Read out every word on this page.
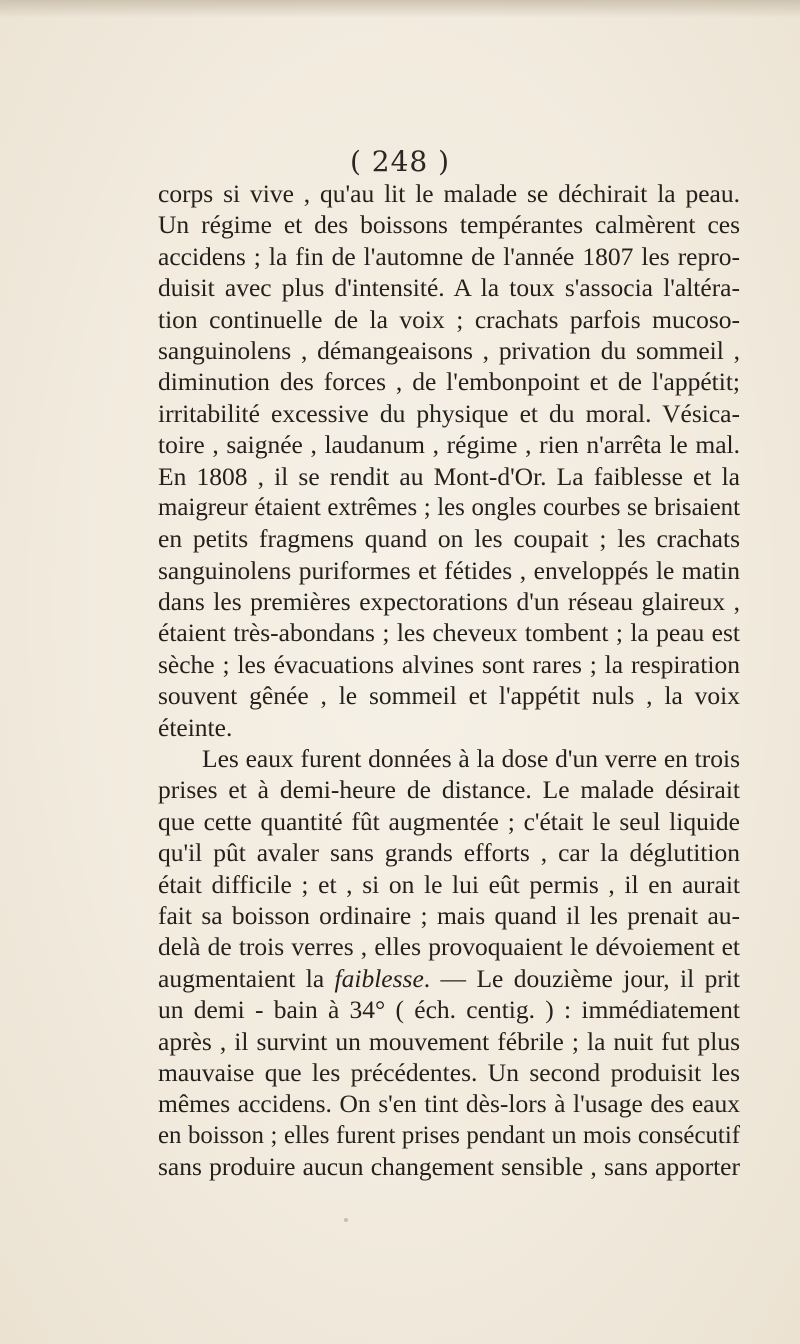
( 248 )
corps si vive , qu'au lit le malade se déchirait la peau.
Un régime et des boissons tempérantes calmèrent ces
accidens ; la fin de l'automne de l'année 1807 les repro-
duisit avec plus d'intensité. A la toux s'associa l'altéra-
tion continuelle de la voix ; crachats parfois mucoso-
sanguinolens , démangeaisons , privation du sommeil ,
diminution des forces , de l'embonpoint et de l'appétit;
irritabilité excessive du physique et du moral. Vésica-
toire , saignée , laudanum , régime , rien n'arrêta le mal.
En 1808 , il se rendit au Mont-d'Or. La faiblesse et la
maigreur étaient extrêmes ; les ongles courbes se brisaient
en petits fragmens quand on les coupait ; les crachats
sanguinolens puriformes et fétides , enveloppés le matin
dans les premières expectorations d'un réseau glaireux ,
étaient très-abondans ; les cheveux tombent ; la peau est
sèche ; les évacuations alvines sont rares ; la respiration
souvent gênée , le sommeil et l'appétit nuls , la voix
éteinte.
Les eaux furent données à la dose d'un verre en trois
prises et à demi-heure de distance. Le malade désirait
que cette quantité fût augmentée ; c'était le seul liquide
qu'il pût avaler sans grands efforts , car la déglutition
était difficile ; et , si on le lui eût permis , il en aurait
fait sa boisson ordinaire ; mais quand il les prenait au-
delà de trois verres , elles provoquaient le dévoiement et
augmentaient la faiblesse. — Le douzième jour, il prit
un demi - bain à 34° ( éch. centig. ) : immédiatement
après , il survint un mouvement fébrile ; la nuit fut plus
mauvaise que les précédentes. Un second produisit les
mêmes accidens. On s'en tint dès-lors à l'usage des eaux
en boisson ; elles furent prises pendant un mois consécutif
sans produire aucun changement sensible , sans apporter
